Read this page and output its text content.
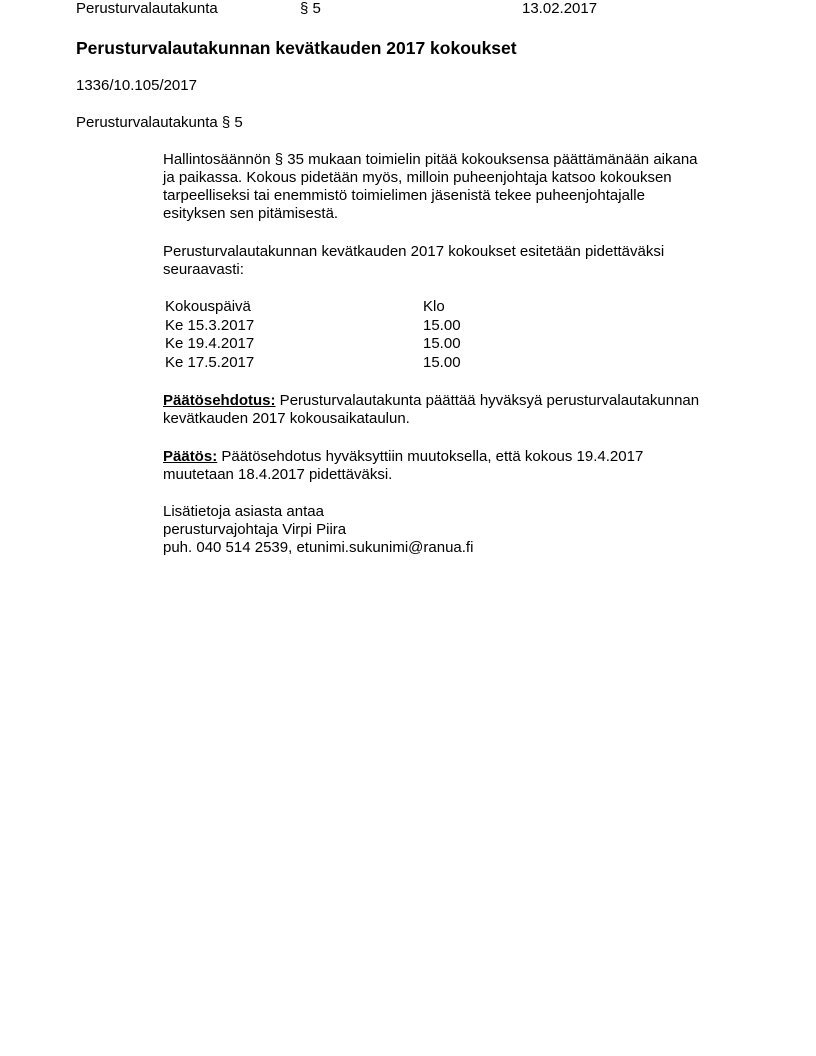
Perusturvalautakunta	§ 5	13.02.2017
Perusturvalautakunnan kevätkauden 2017 kokoukset
1336/10.105/2017
Perusturvalautakunta § 5
Hallintosäännön § 35 mukaan toimielin pitää kokouksensa päättämänään aikana
ja paikassa. Kokous pidetään myös, milloin puheenjohtaja katsoo kokouksen
tarpeelliseksi tai enemmistö toimielimen jäsenistä tekee puheenjohtajalle
esityksen sen pitämisestä.
Perusturvalautakunnan kevätkauden 2017 kokoukset esitetään pidettäväksi
seuraavasti:
Kokouspäivä	Klo
Ke 15.3.2017	15.00
Ke 19.4.2017	15.00
Ke 17.5.2017	15.00
Päätösehdotus: Perusturvalautakunta päättää hyväksyä perusturvalautakunnan
kevätkauden 2017 kokousaikataulun.
Päätös: Päätösehdotus hyväksyttiin muutoksella, että kokous 19.4.2017
muutetaan 18.4.2017 pidettäväksi.
Lisätietoja asiasta antaa
perusturvajohtaja Virpi Piira
puh. 040 514 2539, etunimi.sukunimi@ranua.fi
